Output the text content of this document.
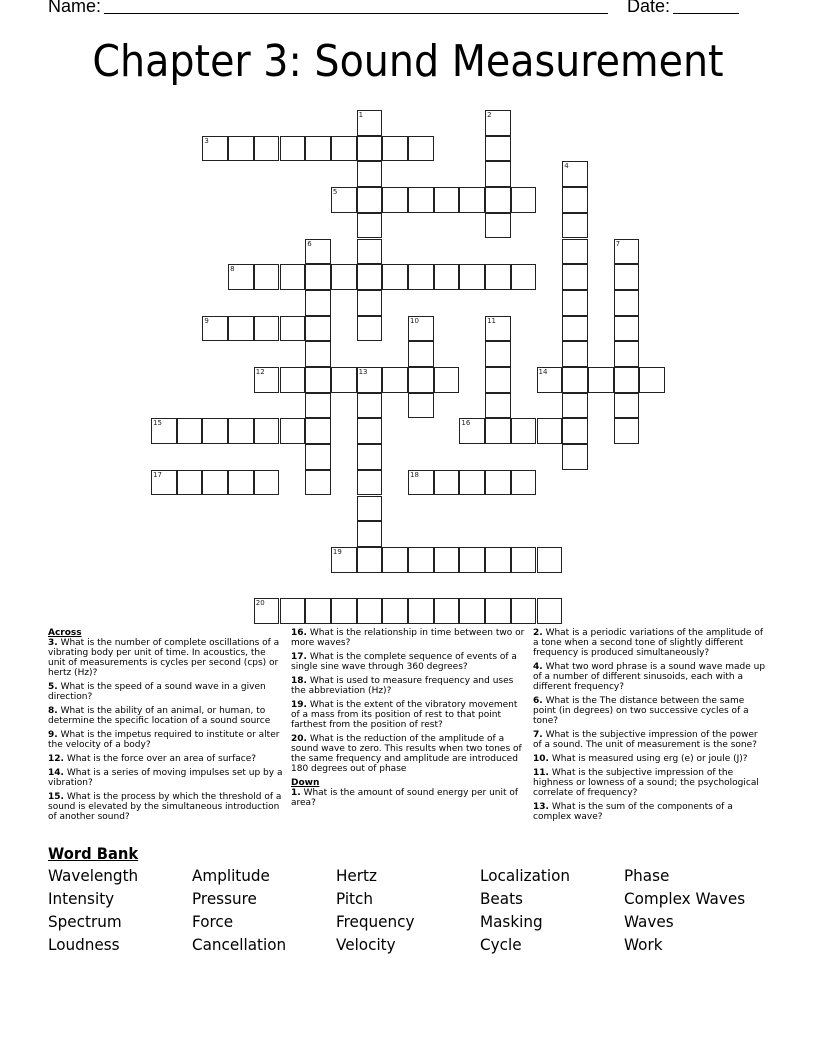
Name:	Date:
Chapter 3: Sound Measurement
1	2
3
4
5
6	7
8
9	10	11
12	13	14
15	16
17	18
19
20
Across
3. What is the number of complete oscillations of a vibrating body per unit of time. In acoustics, the unit of measurements is cycles per second (cps) or hertz (Hz)?
5. What is the speed of a sound wave in a given direction?
8. What is the ability of an animal, or human, to determine the specific location of a sound source
9. What is the impetus required to institute or alter the velocity of a body?
12. What is the force over an area of surface?
14. What is a series of moving impulses set up by a vibration?
15. What is the process by which the threshold of a sound is elevated by the simultaneous introduction of another sound?
16. What is the relationship in time between two or more waves?
17. What is the complete sequence of events of a single sine wave through 360 degrees?
18. What is used to measure frequency and uses the abbreviation (Hz)?
19. What is the extent of the vibratory movement of a mass from its position of rest to that point farthest from the position of rest?
20. What is the reduction of the amplitude of a sound wave to zero. This results when two tones of the same frequency and amplitude are introduced 180 degrees out of phase
Down
1. What is the amount of sound energy per unit of area?
2. What is a periodic variations of the amplitude of a tone when a second tone of slightly different frequency is produced simultaneously?
4. What two word phrase is a sound wave made up of a number of different sinusoids, each with a different frequency?
6. What is the The distance between the same point (in degrees) on two successive cycles of a tone?
7. What is the subjective impression of the power of a sound. The unit of measurement is the sone?
10. What is measured using erg (e) or joule (J)?
11. What is the subjective impression of the highness or lowness of a sound; the psychological correlate of frequency?
13. What is the sum of the components of a complex wave?
Word Bank
Wavelength	Amplitude	Hertz	Localization	Phase
Intensity	Pressure	Pitch	Beats	Complex Waves
Spectrum	Force	Frequency	Masking	Waves
Loudness	Cancellation	Velocity	Cycle	Work
